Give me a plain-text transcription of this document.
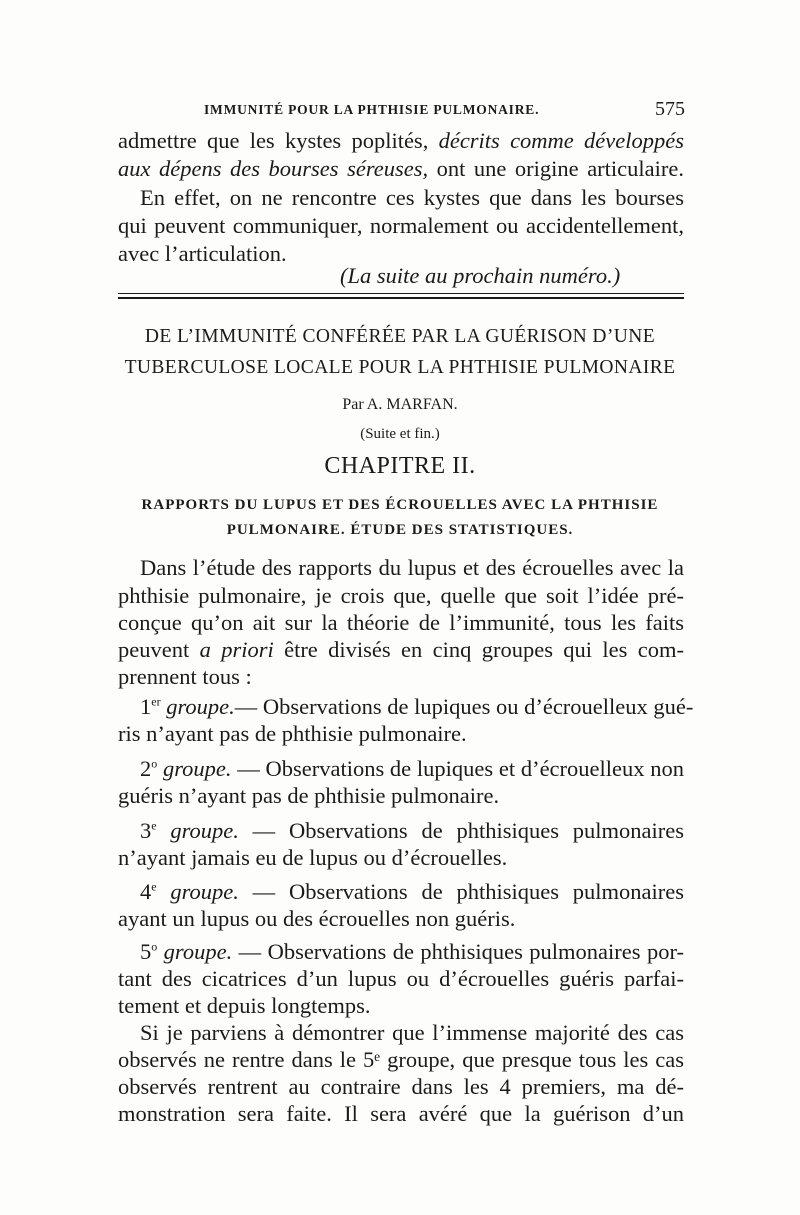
IMMUNITÉ POUR LA PHTHISIE PULMONAIRE.	575
admettre que les kystes poplités, décrits comme développés
aux dépens des bourses séreuses, ont une origine articulaire.
En effet, on ne rencontre ces kystes que dans les bourses
qui peuvent communiquer, normalement ou accidentellement,
avec l’articulation.
(La suite au prochain numéro.)
DE L’IMMUNITÉ CONFÉRÉE PAR LA GUÉRISON D’UNE
TUBERCULOSE LOCALE POUR LA PHTHISIE PULMONAIRE
Par A. MARFAN.
(Suite et fin.)
CHAPITRE II.
RAPPORTS DU LUPUS ET DES ÉCROUELLES AVEC LA PHTHISIE
PULMONAIRE. ÉTUDE DES STATISTIQUES.
Dans l’étude des rapports du lupus et des écrouelles avec la
phthisie pulmonaire, je crois que, quelle que soit l’idée pré-
conçue qu’on ait sur la théorie de l’immunité, tous les faits
peuvent a priori être divisés en cinq groupes qui les com-
prennent tous :
1er groupe.— Observations de lupiques ou d’écrouelleux gué-
ris n’ayant pas de phthisie pulmonaire.
2$^o$ groupe. — Observations de lupiques et d’écrouelleux non
guéris n’ayant pas de phthisie pulmonaire.
3e groupe. — Observations de phthisiques pulmonaires
n’ayant jamais eu de lupus ou d’écrouelles.
4e groupe. — Observations de phthisiques pulmonaires
ayant un lupus ou des écrouelles non guéris.
5$^o$ groupe. — Observations de phthisiques pulmonaires por-
tant des cicatrices d’un lupus ou d’écrouelles guéris parfai-
tement et depuis longtemps.
Si je parviens à démontrer que l’immense majorité des cas
observés ne rentre dans le 5ᵉ groupe, que presque tous les cas
observés rentrent au contraire dans les 4 premiers, ma dé-
monstration sera faite. Il sera avéré que la guérison d’un
